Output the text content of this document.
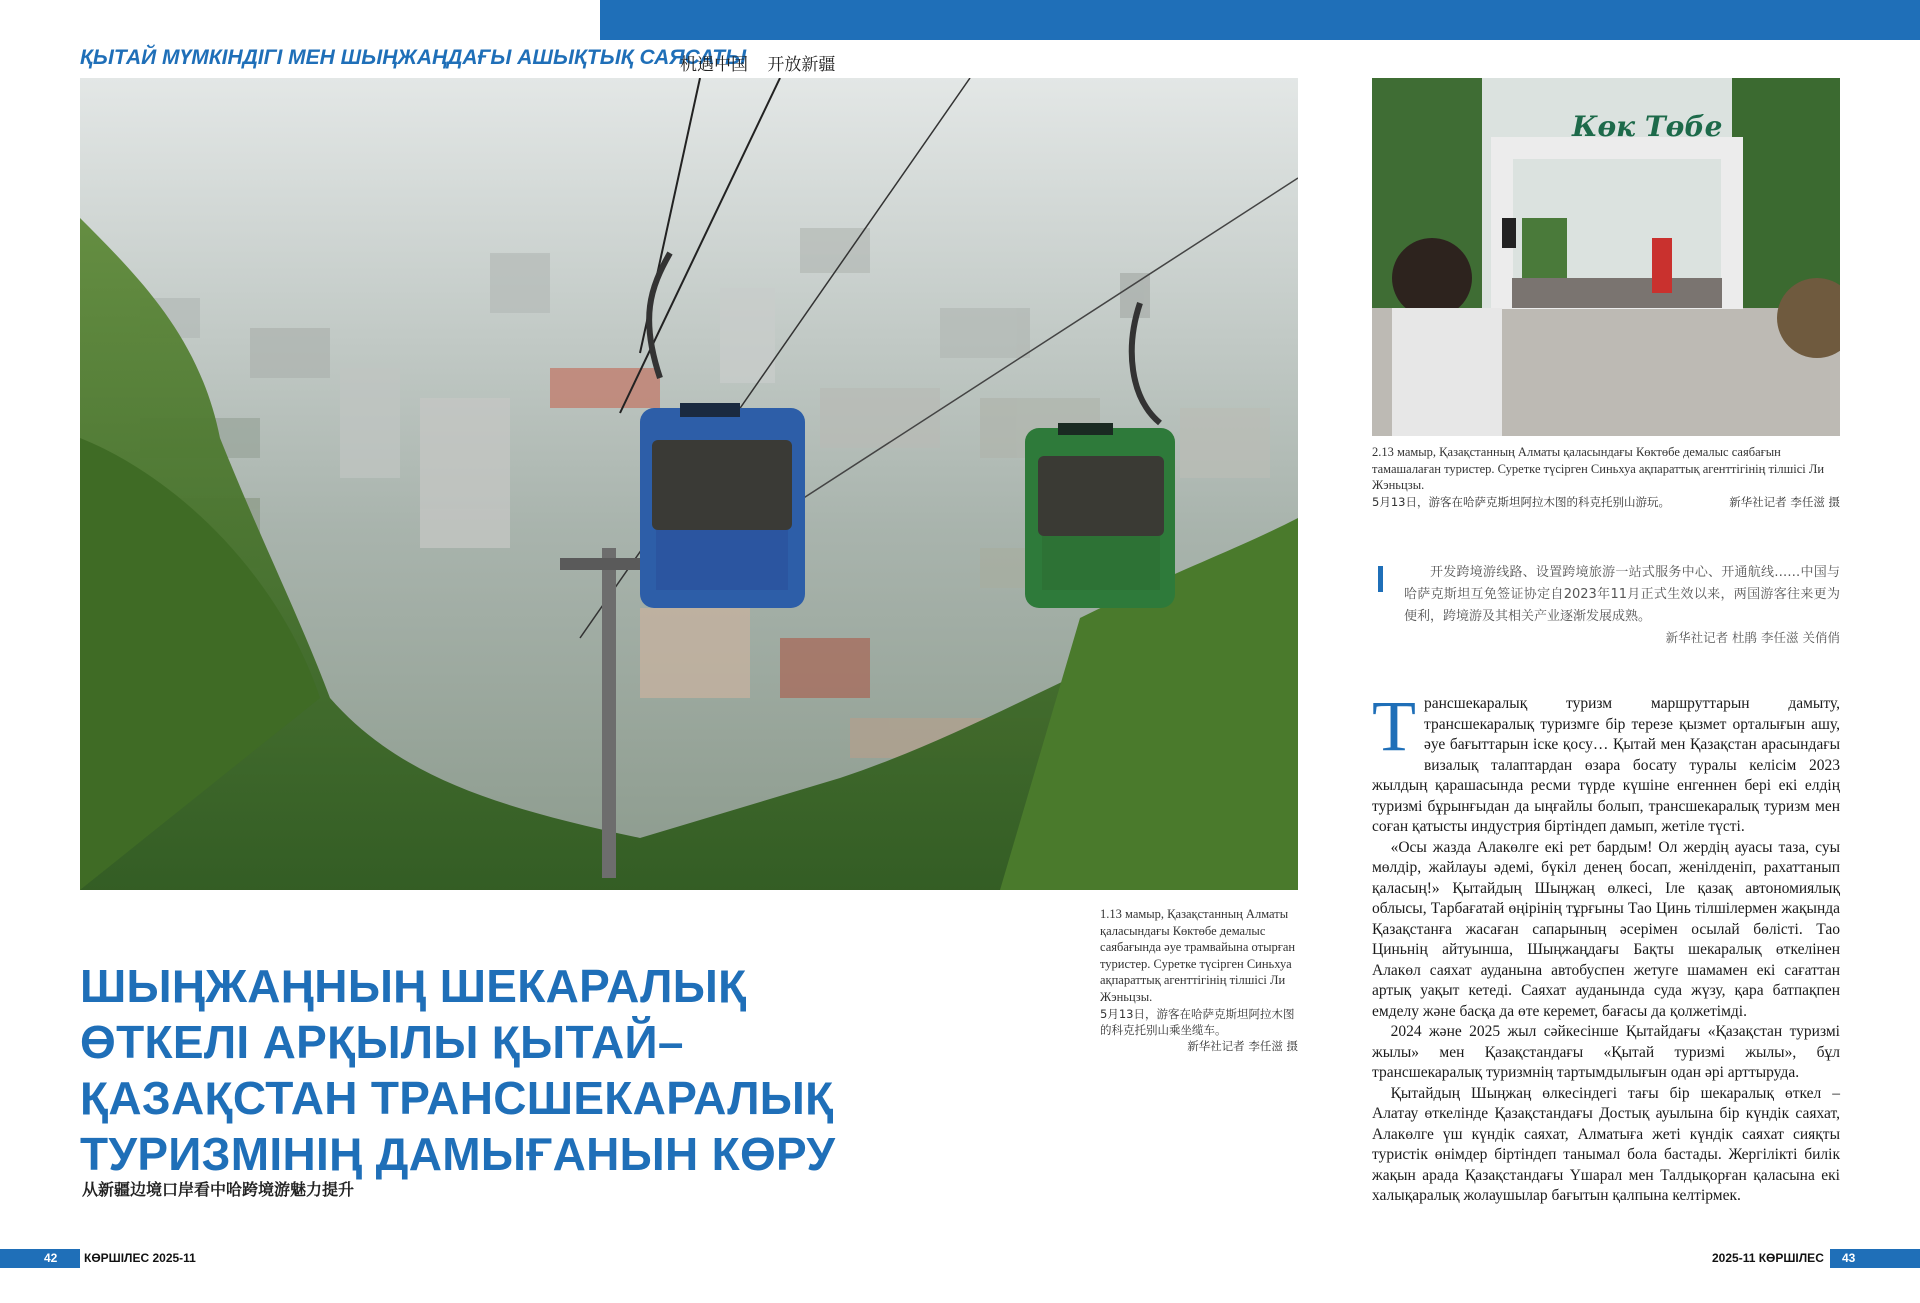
ҚЫТАЙ МҮМКІНДІГІ МЕН ШЫҢЖАҢДАҒЫ АШЫҚТЫҚ САЯСАТЫ
机遇中国 开放新疆
Көк Төбе
1.13 мамыр, Қазақстанның Алматы қаласындағы Көктөбе демалыс саябағында әуе трамвайына отырған туристер. Суретке түсірген Синьхуа ақпараттық агенттігінің тілшісі Ли Жэньцзы.
5月13日，游客在哈萨克斯坦阿拉木图的科克托别山乘坐缆车。
新华社记者 李任滋 摄
2.13 мамыр, Қазақстанның Алматы қаласындағы Көктөбе демалыс саябағын тамашалаған туристер. Суретке түсірген Синьхуа ақпараттық агенттігінің тілшісі Ли Жэньцзы.
5月13日，游客在哈萨克斯坦阿拉木图的科克托别山游玩。	新华社记者 李任滋 摄
ШЫҢЖАҢНЫҢ ШЕКАРАЛЫҚ ӨТКЕЛІ АРҚЫЛЫ ҚЫТАЙ–ҚАЗАҚСТАН ТРАНСШЕКАРАЛЫҚ ТУРИЗМІНІҢ ДАМЫҒАНЫН КӨРУ
从新疆边境口岸看中哈跨境游魅力提升
开发跨境游线路、设置跨境旅游一站式服务中心、开通航线……中国与哈萨克斯坦互免签证协定自2023年11月正式生效以来，两国游客往来更为便利，跨境游及其相关产业逐渐发展成熟。
新华社记者 杜鹃 李任滋 关俏俏

Трансшекаралық туризм маршруттарын дамыту, трансшекаралық туризмге бір терезе қызмет орталығын ашу, әуе бағыттарын іске қосу… Қытай мен Қазақстан арасындағы визалық талаптардан өзара босату туралы келісім 2023 жылдың қарашасында ресми түрде күшіне енгеннен бері екі елдің туризмі бұрынғыдан да ыңғайлы болып, трансшекаралық туризм мен соған қатысты индустрия біртіндеп дамып, жетіле түсті.

«Осы жазда Алакөлге екі рет бардым! Ол жердің ауасы таза, суы мөлдір, жайлауы әдемі, бүкіл денең босап, женілденіп, рахаттанып қаласың!» Қытайдың Шыңжаң өлкесі, Іле қазақ автономиялық облысы, Тарбағатай өңірінің тұрғыны Тао Цинь тілшілермен жақында Қазақстанға жасаған сапарының әсерімен осылай бөлісті. Тао Циньнің айтуынша, Шыңжаңдағы Бақты шекаралық өткелінен Алакөл саяхат ауданына автобуспен жетуге шамамен екі сағаттан артық уақыт кетеді. Саяхат ауданында суда жүзу, қара батпақпен емделу және басқа да өте керемет, бағасы да қолжетімді.

2024 және 2025 жыл сәйкесінше Қытайдағы «Қазақстан туризмі жылы» мен Қазақстандағы «Қытай туризмі жылы», бұл трансшекаралық туризмнің тартымдылығын одан әрі арттыруда.

Қытайдың Шыңжаң өлкесіндегі тағы бір шекаралық өткел – Алатау өткелінде Қазақстандағы Достық ауылына бір күндік саяхат, Алакөлге үш күндік саяхат, Алматыға жеті күндік саяхат сияқты туристік өнімдер біртіндеп танымал бола бастады. Жергілікті билік жақын арада Қазақстандағы Үшарал мен Талдықорған қаласына екі халықаралық жолаушылар бағытын қалпына келтірмек.

42 КӨРШІЛЕС 2025-11	2025-11 КӨРШІЛЕС 43
